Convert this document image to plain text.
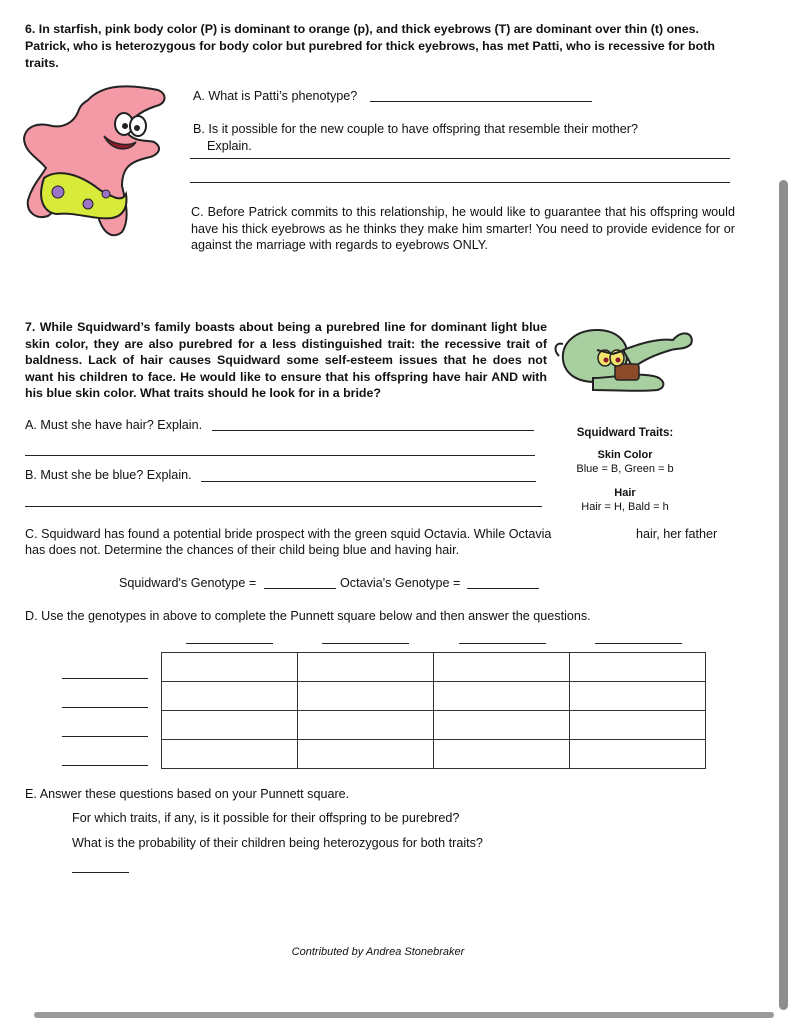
6. In starfish, pink body color (P) is dominant to orange (p), and thick eyebrows (T) are dominant over thin (t) ones. Patrick, who is heterozygous for body color but purebred for thick eyebrows, has met Patti, who is recessive for both traits.
A. What is Patti’s phenotype?
B. Is it possible for the new couple to have offspring that resemble their mother?
Explain.
C. Before Patrick commits to this relationship, he would like to guarantee that his offspring would have his thick eyebrows as he thinks they make him smarter! You need to provide evidence for or against the marriage with regards to eyebrows ONLY.
7. While Squidward’s family boasts about being a purebred line for dominant light blue skin color, they are also purebred for a less distinguished trait: the recessive trait of baldness. Lack of hair causes Squidward some self-esteem issues that he does not want his children to face. He would like to ensure that his offspring have hair AND with his blue skin color. What traits should he look for in a bride?
A. Must she have hair? Explain.
B. Must she be blue? Explain.
Squidward Traits:
Skin Color
Blue = B, Green = b
Hair
Hair = H, Bald = h
C. Squidward has found a potential bride prospect with the green squid Octavia. While Octavia	hair, her father
has does not. Determine the chances of their child being blue and having hair.
Squidward's Genotype =	Octavia's Genotype =
D. Use the genotypes in above to complete the Punnett square below and then answer the questions.

E. Answer these questions based on your Punnett square.
For which traits, if any, is it possible for their offspring to be purebred?
What is the probability of their children being heterozygous for both traits?
Contributed by Andrea Stonebraker
